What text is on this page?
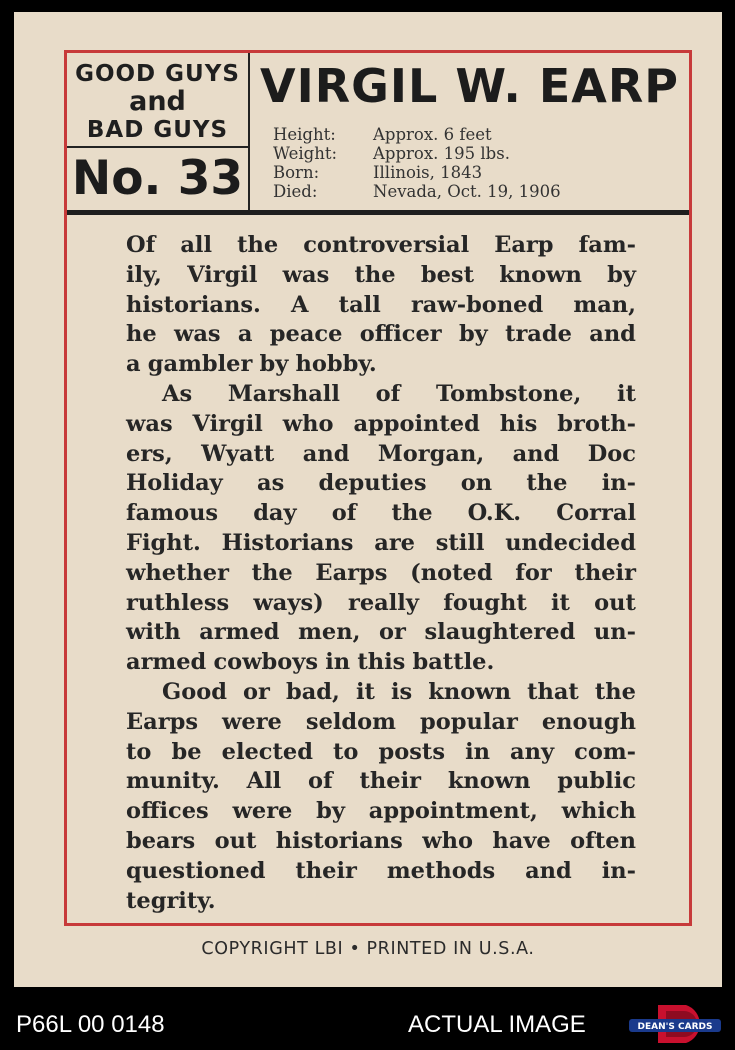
GOOD GUYS
and
BAD GUYS
No. 33
VIRGIL W. EARP
Height:	Approx. 6 feet
Weight:	Approx. 195 lbs.
Born:	Illinois, 1843
Died:	Nevada, Oct. 19, 1906
Of all the controversial Earp fam-
ily, Virgil was the best known by
historians. A tall raw-boned man,
he was a peace officer by trade and
a gambler by hobby.
As Marshall of Tombstone, it
was Virgil who appointed his broth-
ers, Wyatt and Morgan, and Doc
Holiday as deputies on the in-
famous day of the O.K. Corral
Fight. Historians are still undecided
whether the Earps (noted for their
ruthless ways) really fought it out
with armed men, or slaughtered un-
armed cowboys in this battle.
Good or bad, it is known that the
Earps were seldom popular enough
to be elected to posts in any com-
munity. All of their known public
offices were by appointment, which
bears out historians who have often
questioned their methods and in-
tegrity.
COPYRIGHT LBI • PRINTED IN U.S.A.
P66L 00 0148	ACTUAL IMAGE	DEAN'S CARDS
